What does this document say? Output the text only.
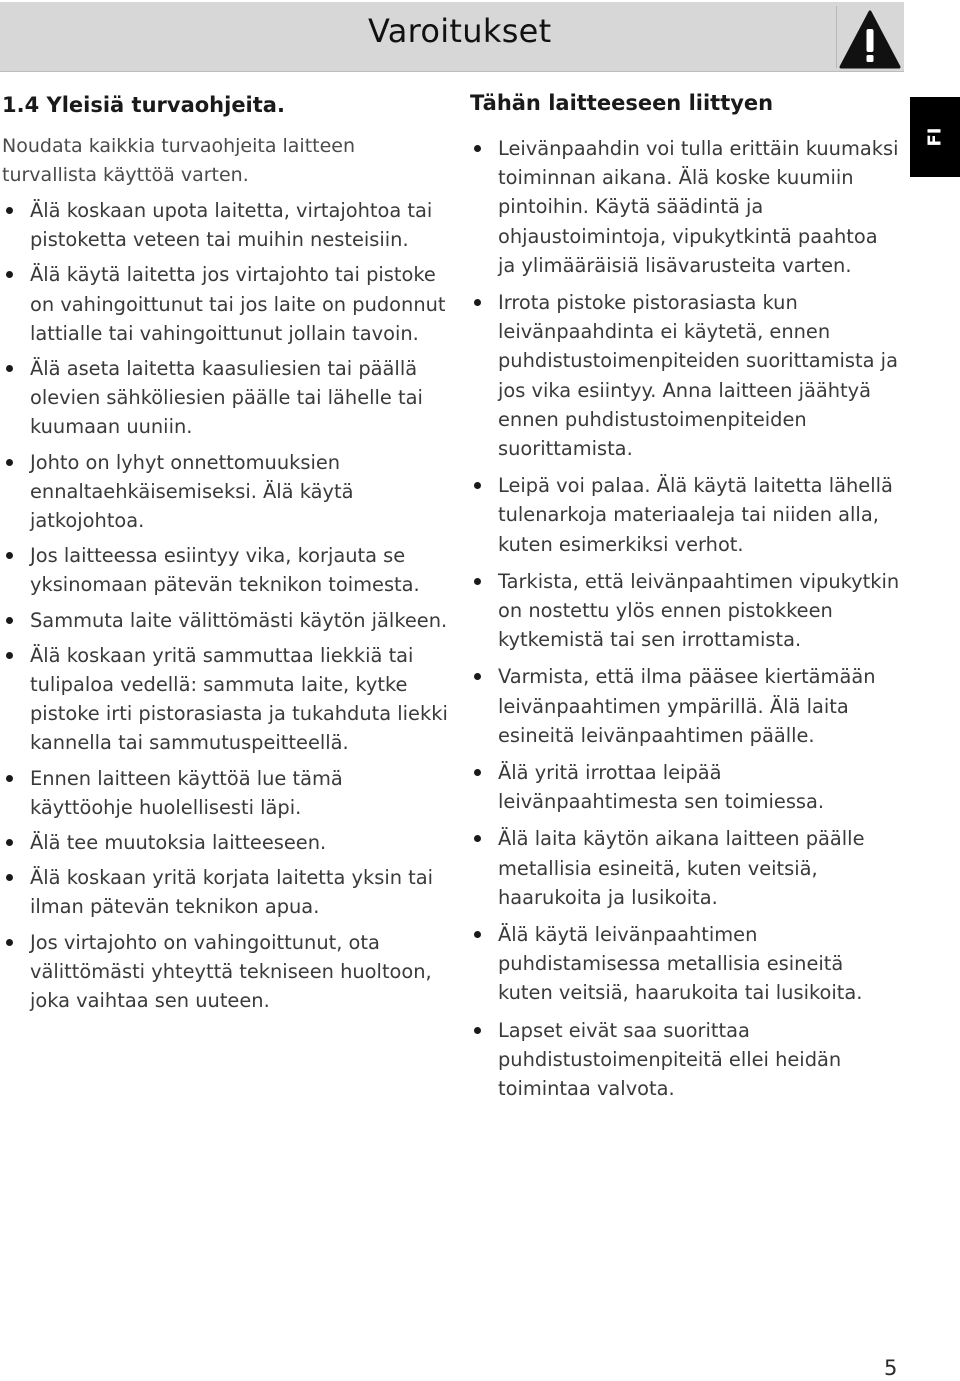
Varoitukset
FI
1.4 Yleisiä turvaohjeita.
Noudata kaikkia turvaohjeita laitteen turvallista käyttöä varten.
Älä koskaan upota laitetta, virtajohtoa tai pistoketta veteen tai muihin nesteisiin.
Älä käytä laitetta jos virtajohto tai pistoke on vahingoittunut tai jos laite on pudonnut lattialle tai vahingoittunut jollain tavoin.
Älä aseta laitetta kaasuliesien tai päällä olevien sähköliesien päälle tai lähelle tai kuumaan uuniin.
Johto on lyhyt onnettomuuksien ennaltaehkäisemiseksi. Älä käytä jatkojohtoa.
Jos laitteessa esiintyy vika, korjauta se yksinomaan pätevän teknikon toimesta.
Sammuta laite välittömästi käytön jälkeen.
Älä koskaan yritä sammuttaa liekkiä tai tulipaloa vedellä: sammuta laite, kytke pistoke irti pistorasiasta ja tukahduta liekki kannella tai sammutuspeitteellä.
Ennen laitteen käyttöä lue tämä käyttöohje huolellisesti läpi.
Älä tee muutoksia laitteeseen.
Älä koskaan yritä korjata laitetta yksin tai ilman pätevän teknikon apua.
Jos virtajohto on vahingoittunut, ota välittömästi yhteyttä tekniseen huoltoon, joka vaihtaa sen uuteen.
Tähän laitteeseen liittyen
Leivänpaahdin voi tulla erittäin kuumaksi toiminnan aikana. Älä koske kuumiin pintoihin. Käytä säädintä ja ohjaustoimintoja, vipukytkintä paahtoa ja ylimääräisiä lisävarusteita varten.
Irrota pistoke pistorasiasta kun leivänpaahdinta ei käytetä, ennen puhdistustoimenpiteiden suorittamista ja jos vika esiintyy. Anna laitteen jäähtyä ennen puhdistustoimenpiteiden suorittamista.
Leipä voi palaa. Älä käytä laitetta lähellä tulenarkoja materiaaleja tai niiden alla, kuten esimerkiksi verhot.
Tarkista, että leivänpaahtimen vipukytkin on nostettu ylös ennen pistokkeen kytkemistä tai sen irrottamista.
Varmista, että ilma pääsee kiertämään leivänpaahtimen ympärillä. Älä laita esineitä leivänpaahtimen päälle.
Älä yritä irrottaa leipää leivänpaahtimesta sen toimiessa.
Älä laita käytön aikana laitteen päälle metallisia esineitä, kuten veitsiä, haarukoita ja lusikoita.
Älä käytä leivänpaahtimen puhdistamisessa metallisia esineitä kuten veitsiä, haarukoita tai lusikoita.
Lapset eivät saa suorittaa puhdistustoimenpiteitä ellei heidän toimintaa valvota.
5
